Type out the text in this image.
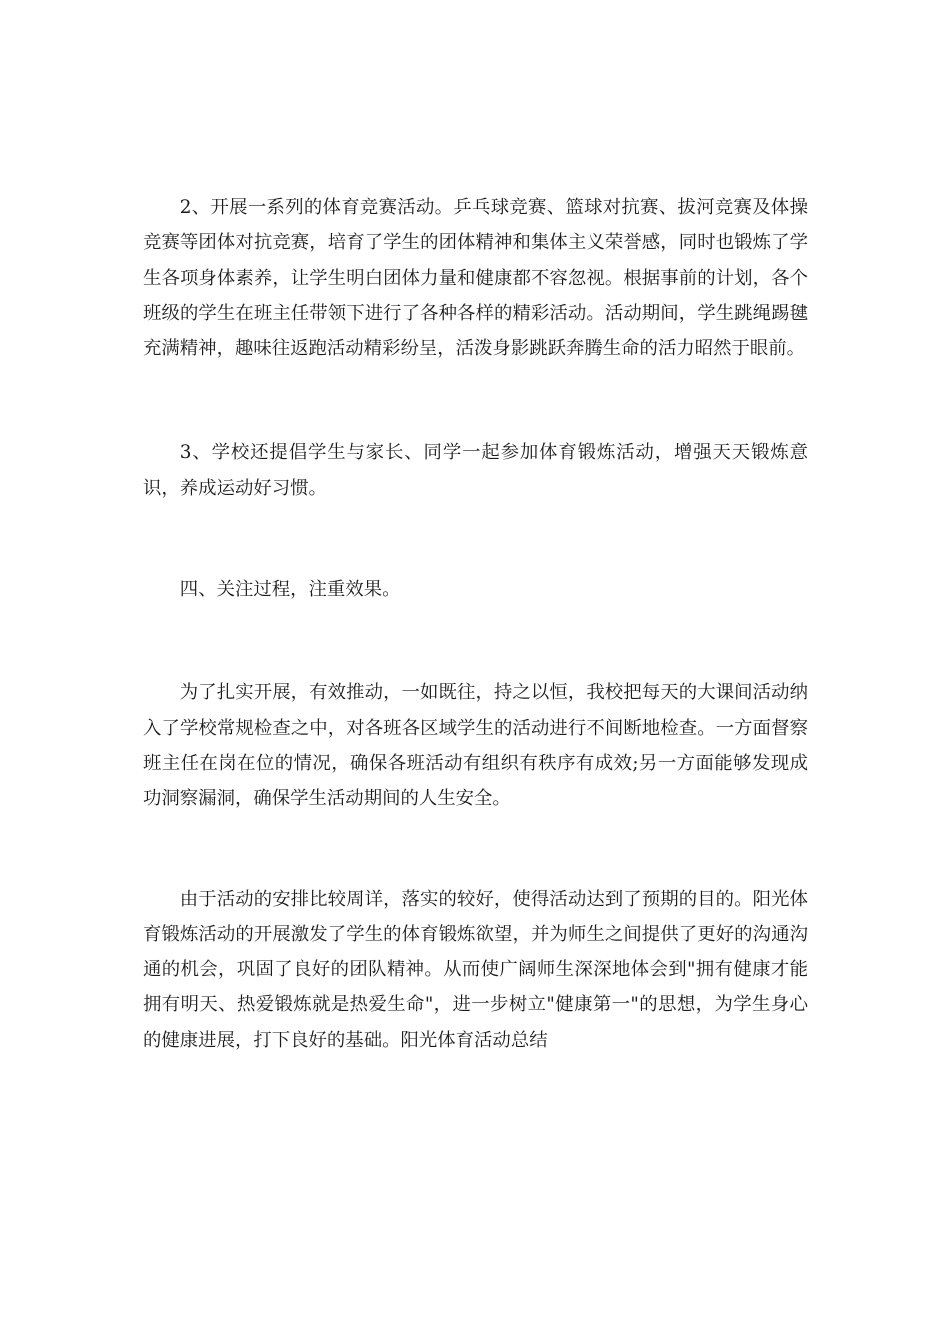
2、开展一系列的体育竞赛活动。乒乓球竞赛、篮球对抗赛、拔河竞赛及体操竞赛等团体对抗竞赛，培育了学生的团体精神和集体主义荣誉感，同时也锻炼了学生各项身体素养，让学生明白团体力量和健康都不容忽视。根据事前的计划，各个班级的学生在班主任带领下进行了各种各样的精彩活动。活动期间，学生跳绳踢毽充满精神，趣味往返跑活动精彩纷呈，活泼身影跳跃奔腾生命的活力昭然于眼前。

3、学校还提倡学生与家长、同学一起参加体育锻炼活动，增强天天锻炼意识，养成运动好习惯。

四、关注过程，注重效果。

为了扎实开展，有效推动，一如既往，持之以恒，我校把每天的大课间活动纳入了学校常规检查之中，对各班各区域学生的活动进行不间断地检查。一方面督察班主任在岗在位的情况，确保各班活动有组织有秩序有成效;另一方面能够发现成功洞察漏洞，确保学生活动期间的人生安全。

由于活动的安排比较周详，落实的较好，使得活动达到了预期的目的。阳光体育锻炼活动的开展激发了学生的体育锻炼欲望，并为师生之间提供了更好的沟通沟通的机会，巩固了良好的团队精神。从而使广阔师生深深地体会到"拥有健康才能拥有明天、热爱锻炼就是热爱生命"，进一步树立"健康第一"的思想，为学生身心的健康进展，打下良好的基础。阳光体育活动总结
